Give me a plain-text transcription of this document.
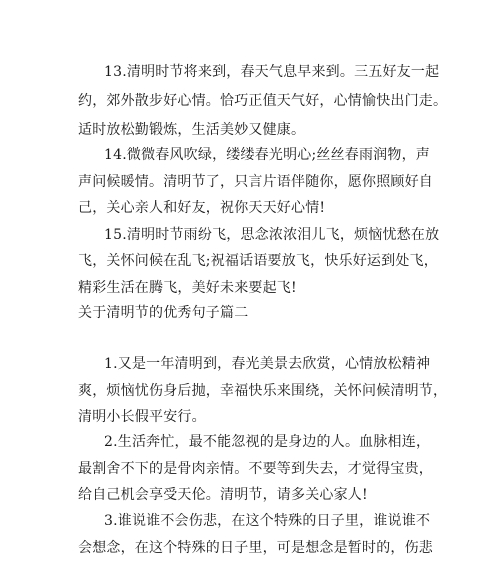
13.清明时节将来到，春天气息早来到。三五好友一起
约，郊外散步好心情。恰巧正值天气好，心情愉快出门走。
适时放松勤锻炼，生活美妙又健康。
14.微微春风吹绿，缕缕春光明心;丝丝春雨润物，声
声问候暖情。清明节了，只言片语伴随你，愿你照顾好自
己，关心亲人和好友，祝你天天好心情!
15.清明时节雨纷飞，思念浓浓泪儿飞，烦恼忧愁在放
飞，关怀问候在乱飞;祝福话语要放飞，快乐好运到处飞，
精彩生活在腾飞，美好未来要起飞!
关于清明节的优秀句子篇二
1.又是一年清明到，春光美景去欣赏，心情放松精神
爽，烦恼忧伤身后抛，幸福快乐来围绕，关怀问候清明节，
清明小长假平安行。
2.生活奔忙，最不能忽视的是身边的人。血脉相连，
最割舍不下的是骨肉亲情。不要等到失去，才觉得宝贵，
给自己机会享受天伦。清明节，请多关心家人!
3.谁说谁不会伤悲，在这个特殊的日子里，谁说谁不
会想念，在这个特殊的日子里，可是想念是暂时的，伤悲
